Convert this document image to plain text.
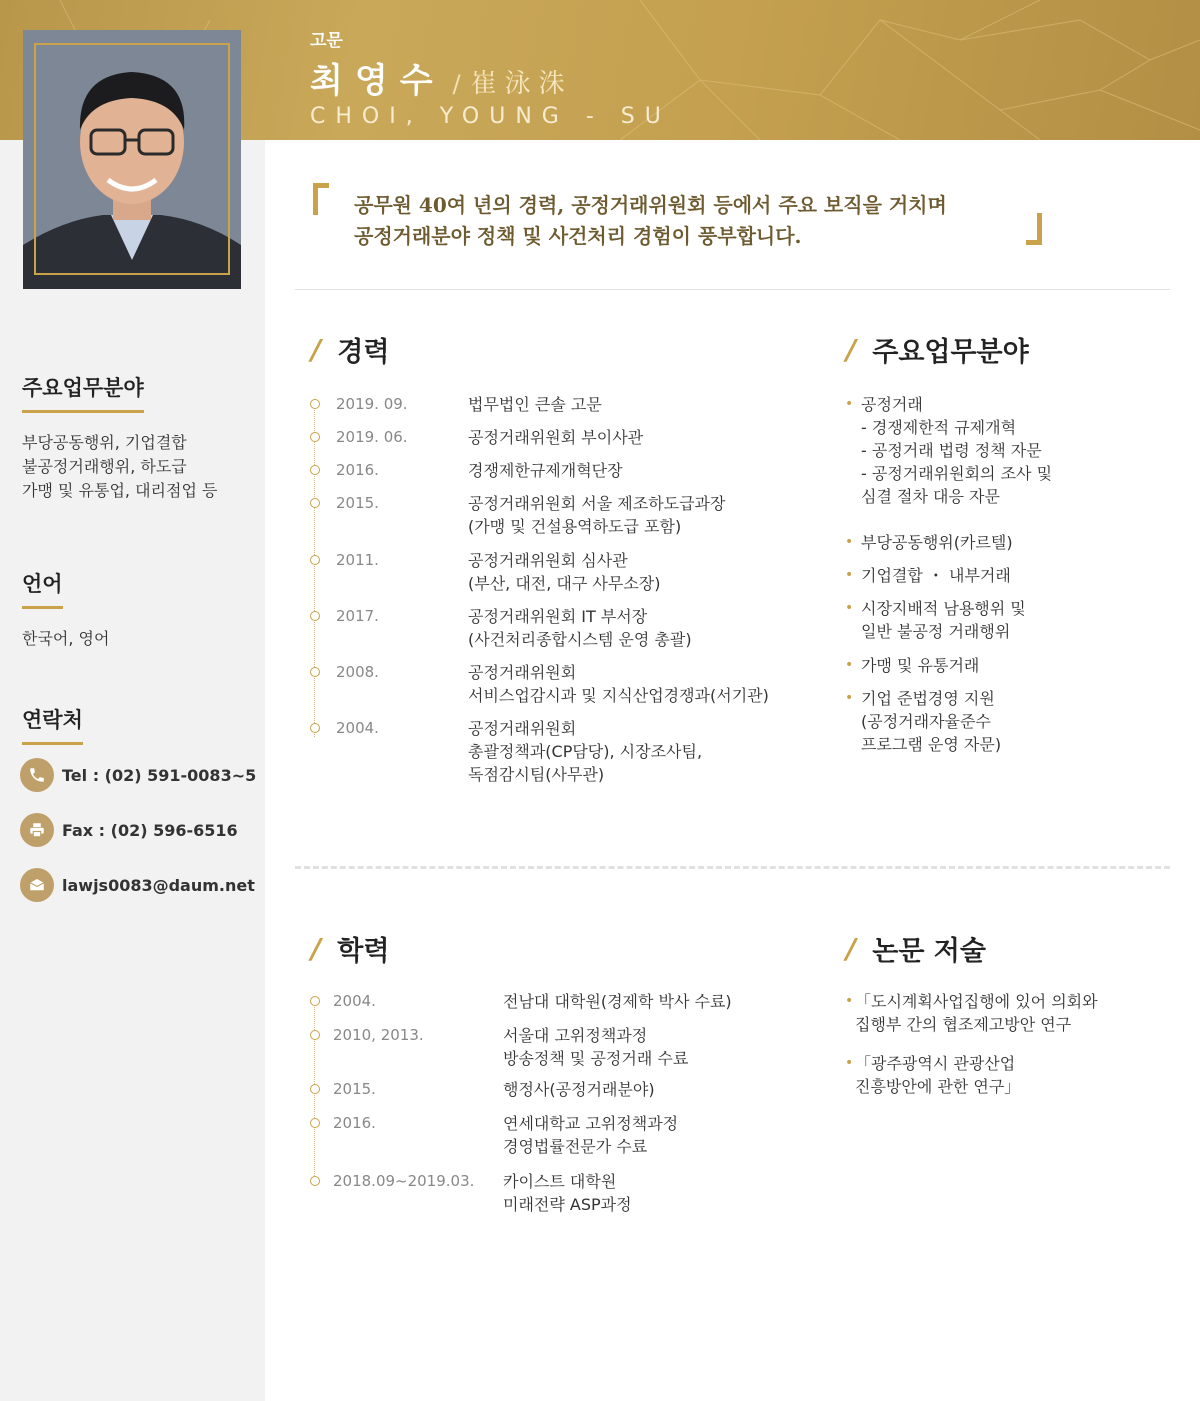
주요업무분야
부당공동행위, 기업결합
불공정거래행위, 하도급
가맹 및 유통업, 대리점업 등
언어
한국어, 영어
연락처
Tel : (02) 591-0083~5
Fax : (02) 596-6516
lawjs0083@daum.net
고문
최영수 / 崔泳洙
CHOI, YOUNG - SU
공무원 40여 년의 경력, 공정거래위원회 등에서 주요 보직을 거치며
공정거래분야 정책 및 사건처리 경험이 풍부합니다.
/ 경력
2019. 09.	법무법인 큰솔 고문
2019. 06.	공정거래위원회 부이사관
2016.	경쟁제한규제개혁단장
2015.	공정거래위원회 서울 제조하도급과장
(가맹 및 건설용역하도급 포함)
2011.	공정거래위원회 심사관
(부산, 대전, 대구 사무소장)
2017.	공정거래위원회 IT 부서장
(사건처리종합시스템 운영 총괄)
2008.	공정거래위원회
서비스업감시과 및 지식산업경쟁과(서기관)
2004.	공정거래위원회
총괄정책과(CP담당), 시장조사팀,
독점감시팀(사무관)
/ 주요업무분야
• 공정거래
- 경쟁제한적 규제개혁
- 공정거래 법령 정책 자문
- 공정거래위원회의 조사 및
심결 절차 대응 자문
• 부당공동행위(카르텔)
• 기업결합 ・ 내부거래
• 시장지배적 남용행위 및
일반 불공정 거래행위
• 가맹 및 유통거래
• 기업 준법경영 지원
(공정거래자율준수
프로그램 운영 자문)
/ 학력
2004.	전남대 대학원(경제학 박사 수료)
2010, 2013.	서울대 고위정책과정
방송정책 및 공정거래 수료
2015.	행정사(공정거래분야)
2016.	연세대학교 고위정책과정
경영법률전문가 수료
2018.09~2019.03. 카이스트 대학원
미래전략 ASP과정
/ 논문 저술
• 「도시계획사업집행에 있어 의회와
집행부 간의 협조제고방안 연구
• 「광주광역시 관광산업
진흥방안에 관한 연구」
